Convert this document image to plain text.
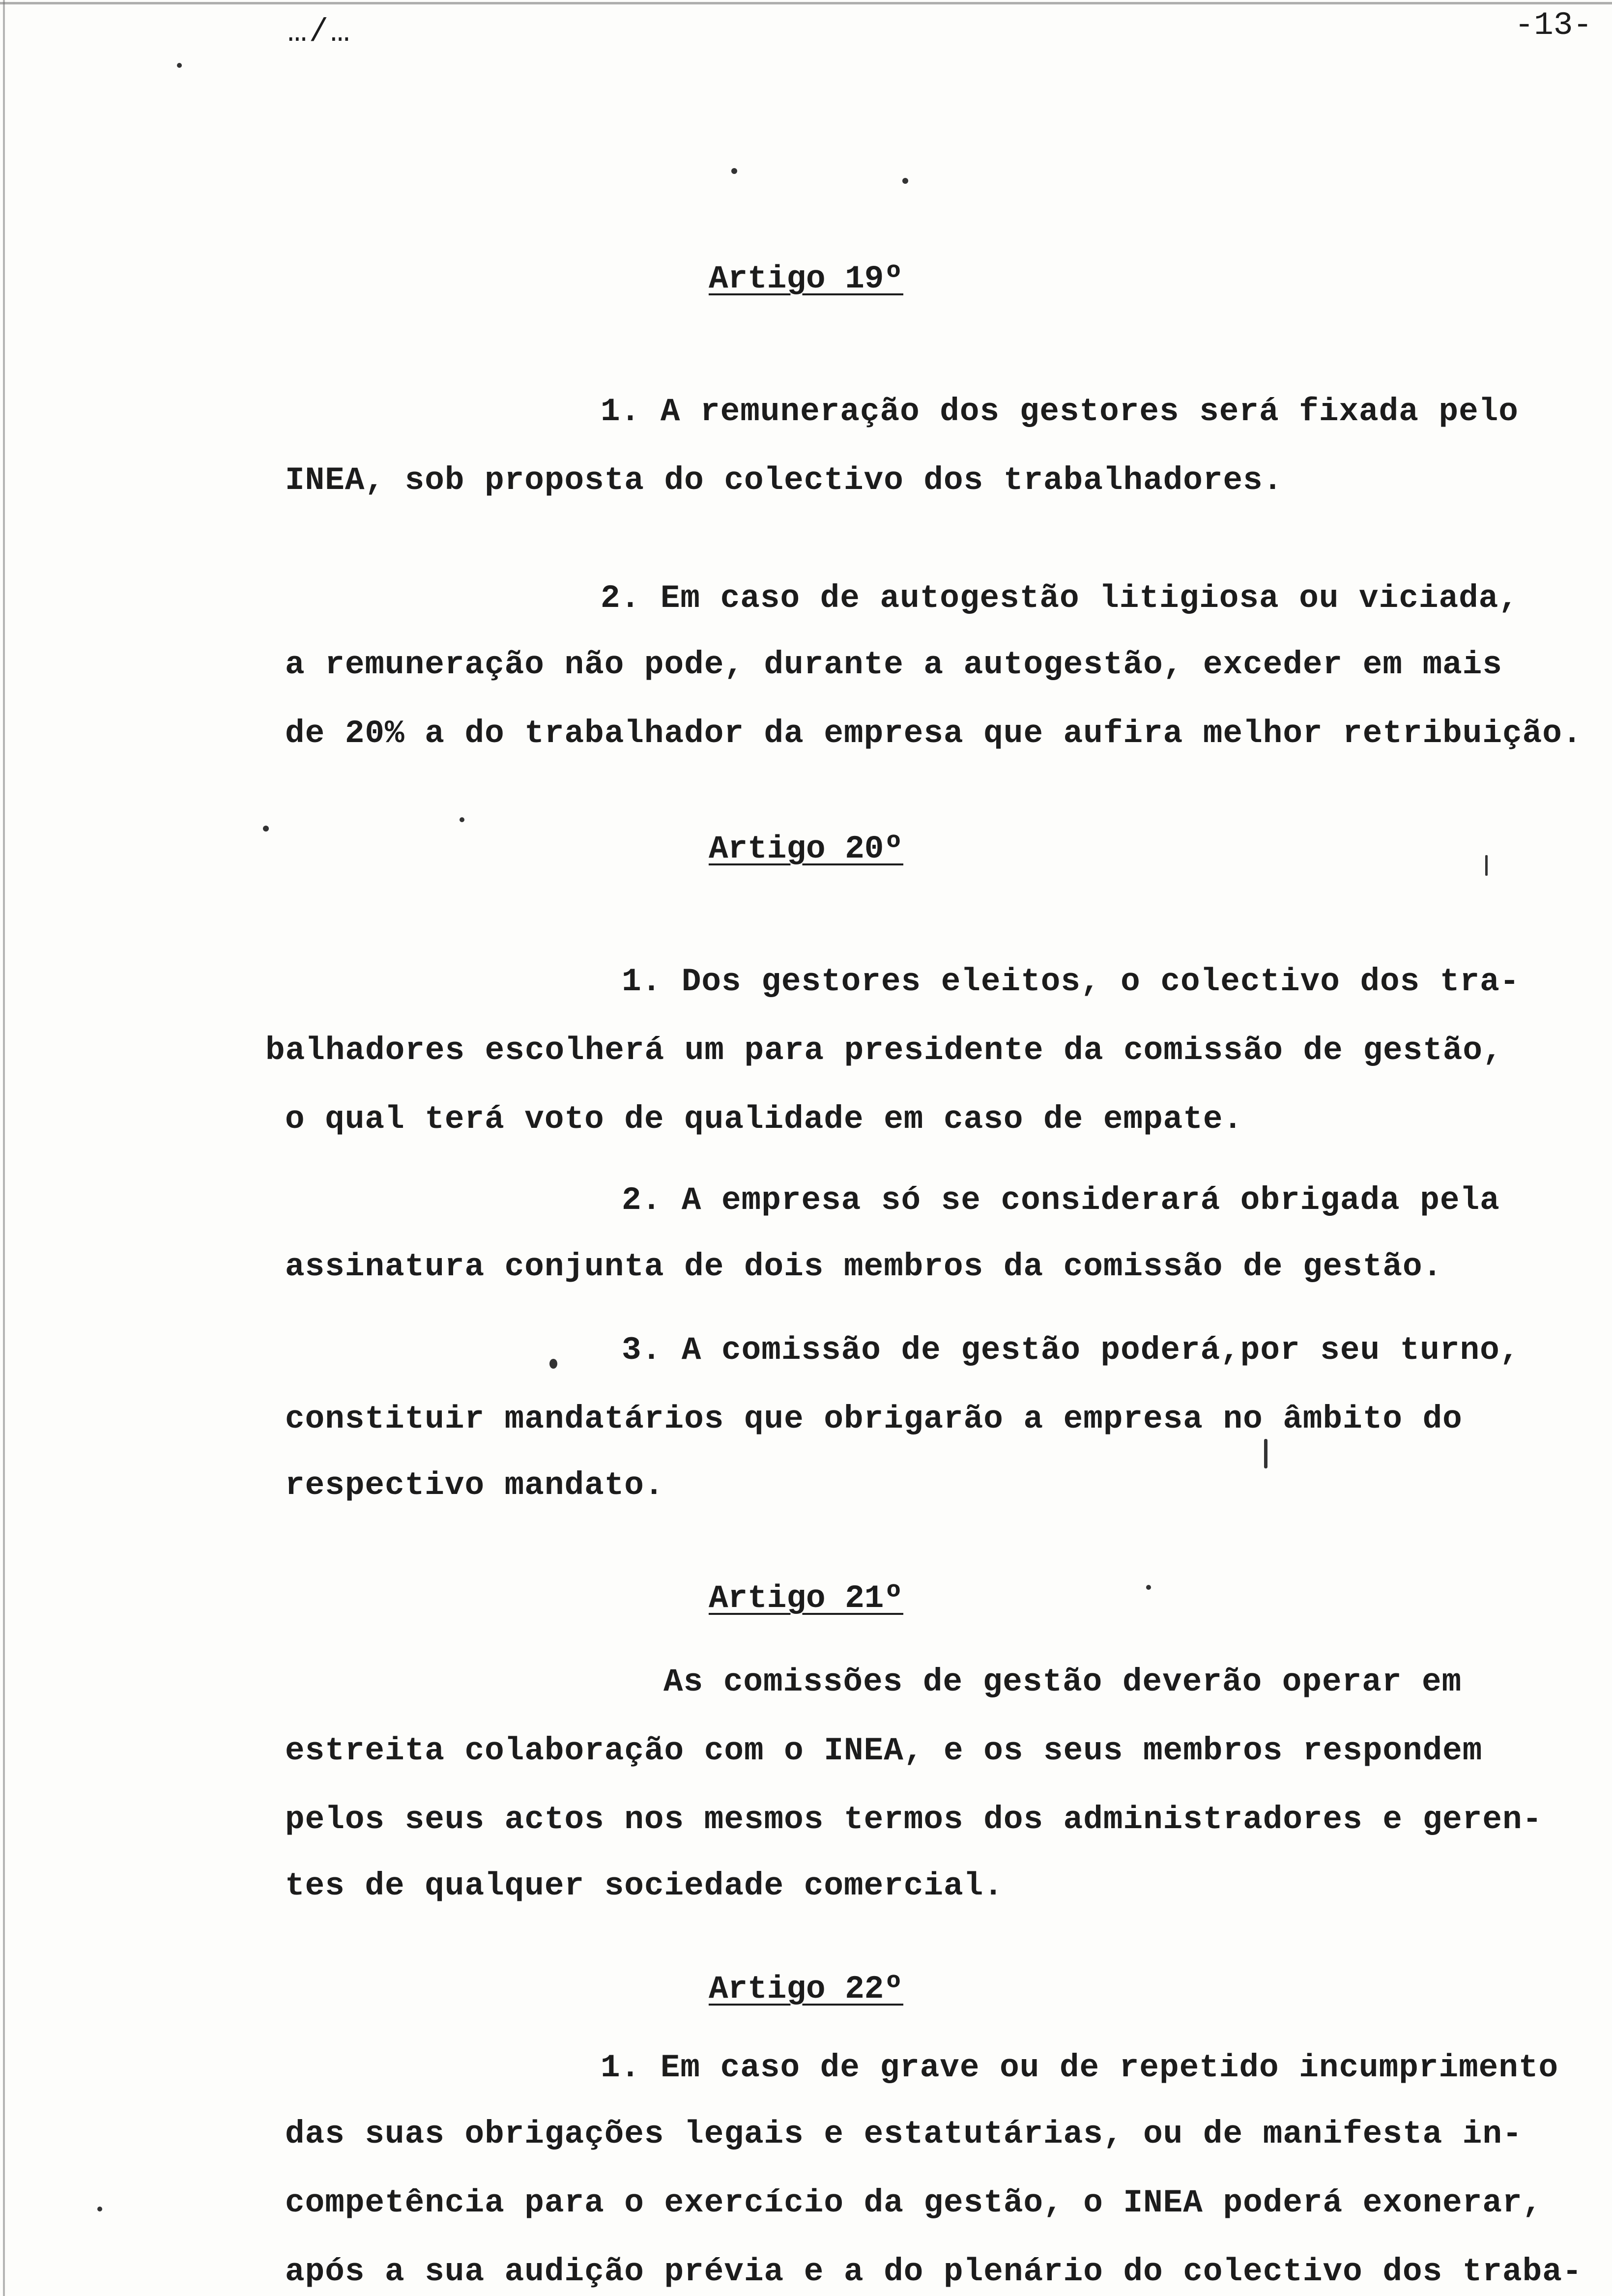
…/…	-13-
Artigo 19º
1. A remuneração dos gestores será fixada pelo
INEA, sob proposta do colectivo dos trabalhadores.
2. Em caso de autogestão litigiosa ou viciada,
a remuneração não pode, durante a autogestão, exceder em mais
de 20% a do trabalhador da empresa que aufira melhor retribuição.
Artigo 20º
1. Dos gestores eleitos, o colectivo dos tra-
balhadores escolherá um para presidente da comissão de gestão,
o qual terá voto de qualidade em caso de empate.
2. A empresa só se considerará obrigada pela
assinatura conjunta de dois membros da comissão de gestão.
3. A comissão de gestão poderá,por seu turno,
constituir mandatários que obrigarão a empresa no âmbito do
respectivo mandato.
Artigo 21º
As comissões de gestão deverão operar em
estreita colaboração com o INEA, e os seus membros respondem
pelos seus actos nos mesmos termos dos administradores e geren-
tes de qualquer sociedade comercial.
Artigo 22º
1. Em caso de grave ou de repetido incumprimento
das suas obrigações legais e estatutárias, ou de manifesta in-
competência para o exercício da gestão, o INEA poderá exonerar,
após a sua audição prévia e a do plenário do colectivo dos traba-
